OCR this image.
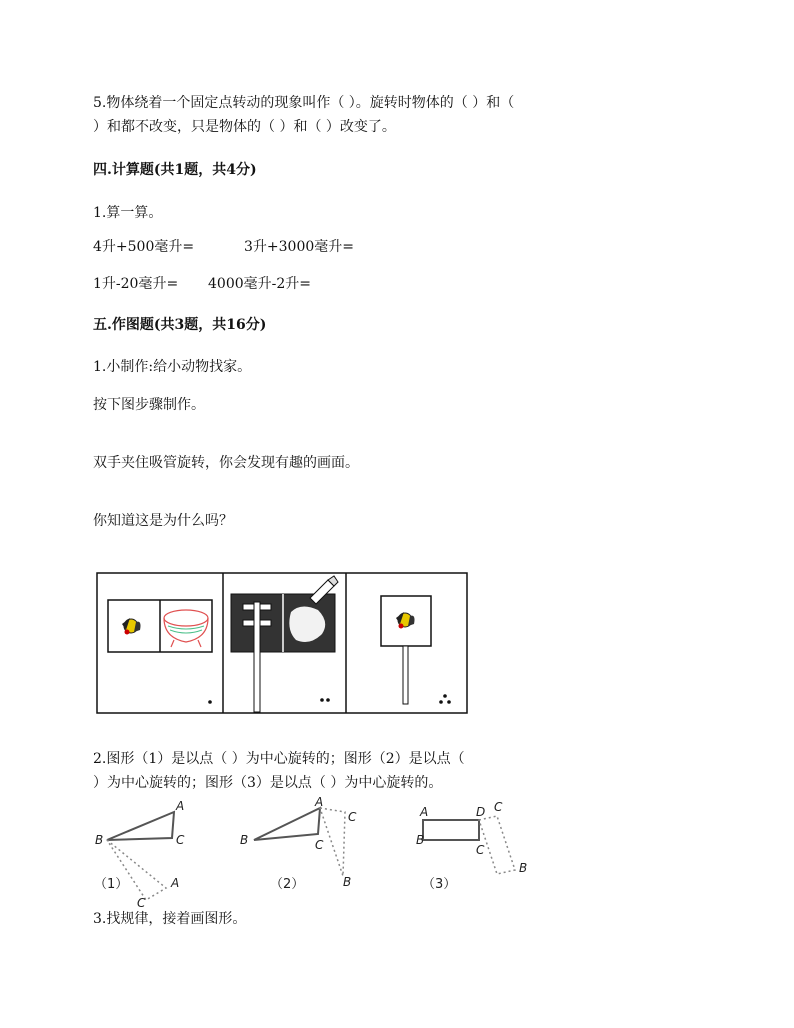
5.物体绕着一个固定点转动的现象叫作（ ）。旋转时物体的（ ）和（
）和都不改变，只是物体的（ ）和（ ）改变了。
四.计算题(共1题，共4分)
1.算一算。
4升+500毫升=	3升+3000毫升=
1升-20毫升= 4000毫升-2升=
五.作图题(共3题，共16分)
1.小制作:给小动物找家。
按下图步骤制作。
双手夹住吸管旋转，你会发现有趣的画面。
你知道这是为什么吗？
2.图形（1）是以点（ ）为中心旋转的；图形（2）是以点（
）为中心旋转的；图形（3）是以点（ ）为中心旋转的。
A
B	C
A
C
（1）
A
B	C
C
B
（2）
A	D C
B
C
B
（3）
3.找规律，接着画图形。
